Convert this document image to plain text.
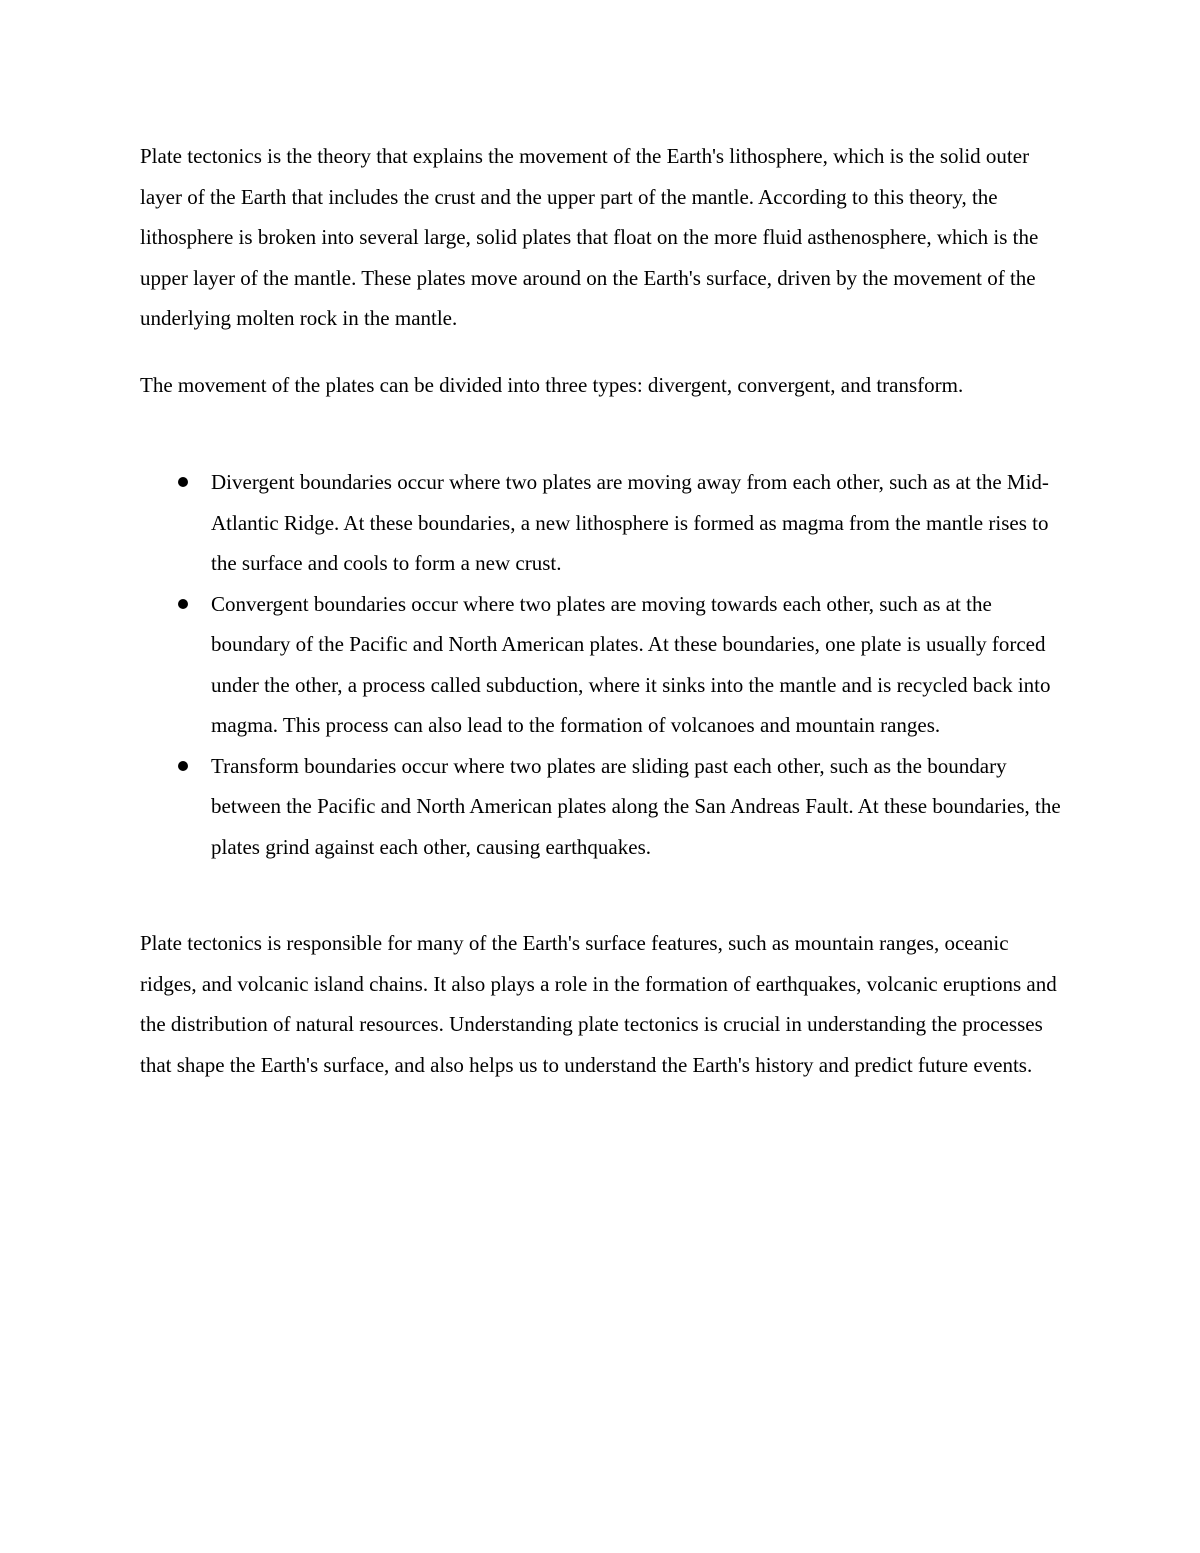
Plate tectonics is the theory that explains the movement of the Earth's lithosphere, which is the solid outer layer of the Earth that includes the crust and the upper part of the mantle. According to this theory, the lithosphere is broken into several large, solid plates that float on the more fluid asthenosphere, which is the upper layer of the mantle. These plates move around on the Earth's surface, driven by the movement of the underlying molten rock in the mantle.

The movement of the plates can be divided into three types: divergent, convergent, and transform.

Divergent boundaries occur where two plates are moving away from each other, such as at the Mid-Atlantic Ridge. At these boundaries, a new lithosphere is formed as magma from the mantle rises to the surface and cools to form a new crust.
Convergent boundaries occur where two plates are moving towards each other, such as at the boundary of the Pacific and North American plates. At these boundaries, one plate is usually forced under the other, a process called subduction, where it sinks into the mantle and is recycled back into magma. This process can also lead to the formation of volcanoes and mountain ranges.
Transform boundaries occur where two plates are sliding past each other, such as the boundary between the Pacific and North American plates along the San Andreas Fault. At these boundaries, the plates grind against each other, causing earthquakes.

Plate tectonics is responsible for many of the Earth's surface features, such as mountain ranges, oceanic ridges, and volcanic island chains. It also plays a role in the formation of earthquakes, volcanic eruptions and the distribution of natural resources. Understanding plate tectonics is crucial in understanding the processes that shape the Earth's surface, and also helps us to understand the Earth's history and predict future events.
